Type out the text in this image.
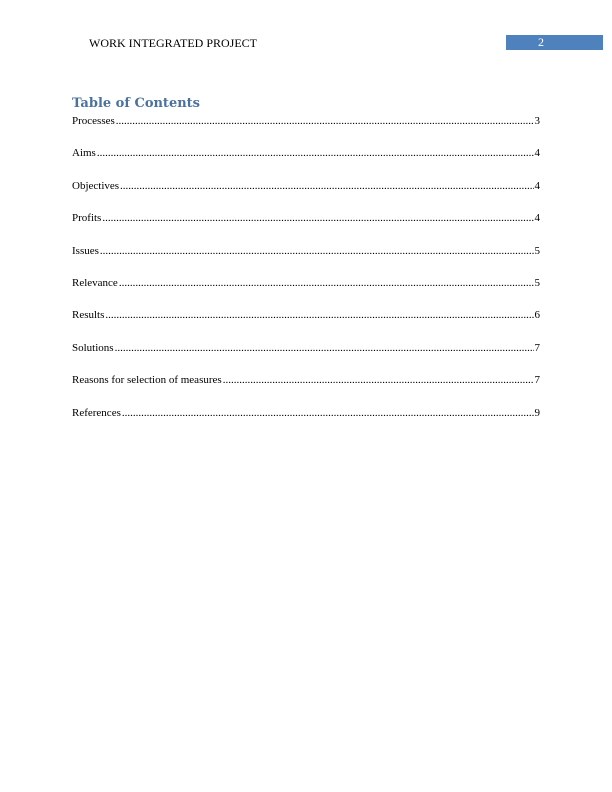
WORK INTEGRATED PROJECT	2
Table of Contents
Processes .....	3
Aims .....	4
Objectives .....	4
Profits .....	4
Issues .....	5
Relevance .....	5
Results .....	6
Solutions .....	7
Reasons for selection of measures .....	7
References .....	9
